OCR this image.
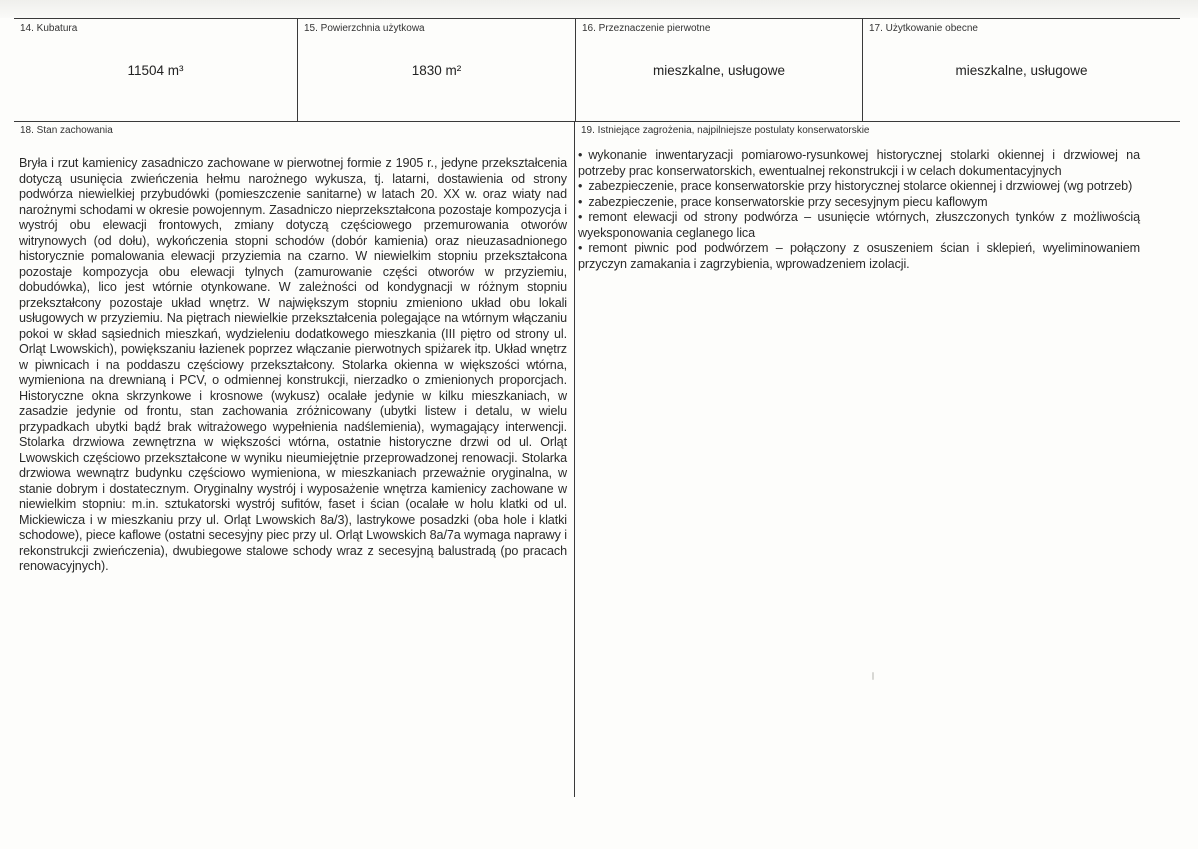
14. Kubatura
11504 m³
15. Powierzchnia użytkowa
1830 m²
16. Przeznaczenie pierwotne
mieszkalne, usługowe
17. Użytkowanie obecne
mieszkalne, usługowe
18. Stan zachowania
Bryła i rzut kamienicy zasadniczo zachowane w pierwotnej formie z 1905 r., jedyne przekształcenia dotyczą usunięcia zwieńczenia hełmu narożnego wykusza, tj. latarni, dostawienia od strony podwórza niewielkiej przybudówki (pomieszczenie sanitarne) w latach 20. XX w. oraz wiaty nad narożnymi schodami w okresie powojennym. Zasadniczo nieprzekształcona pozostaje kompozycja i wystrój obu elewacji frontowych, zmiany dotyczą częściowego przemurowania otworów witrynowych (od dołu), wykończenia stopni schodów (dobór kamienia) oraz nieuzasadnionego historycznie pomalowania elewacji przyziemia na czarno. W niewielkim stopniu przekształcona pozostaje kompozycja obu elewacji tylnych (zamurowanie części otworów w przyziemiu, dobudówka), lico jest wtórnie otynkowane. W zależności od kondygnacji w różnym stopniu przekształcony pozostaje układ wnętrz. W największym stopniu zmieniono układ obu lokali usługowych w przyziemiu. Na piętrach niewielkie przekształcenia polegające na wtórnym włączaniu pokoi w skład sąsiednich mieszkań, wydzieleniu dodatkowego mieszkania (III piętro od strony ul. Orląt Lwowskich), powiększaniu łazienek poprzez włączanie pierwotnych spiżarek itp. Układ wnętrz w piwnicach i na poddaszu częściowy przekształcony. Stolarka okienna w większości wtórna, wymieniona na drewnianą i PCV, o odmiennej konstrukcji, nierzadko o zmienionych proporcjach. Historyczne okna skrzynkowe i krosnowe (wykusz) ocalałe jedynie w kilku mieszkaniach, w zasadzie jedynie od frontu, stan zachowania zróżnicowany (ubytki listew i detalu, w wielu przypadkach ubytki bądź brak witrażowego wypełnienia nadślemienia), wymagający interwencji. Stolarka drzwiowa zewnętrzna w większości wtórna, ostatnie historyczne drzwi od ul. Orląt Lwowskich częściowo przekształcone w wyniku nieumiejętnie przeprowadzonej renowacji. Stolarka drzwiowa wewnątrz budynku częściowo wymieniona, w mieszkaniach przeważnie oryginalna, w stanie dobrym i dostatecznym. Oryginalny wystrój i wyposażenie wnętrza kamienicy zachowane w niewielkim stopniu: m.in. sztukatorski wystrój sufitów, faset i ścian (ocalałe w holu klatki od ul. Mickiewicza i w mieszkaniu przy ul. Orląt Lwowskich 8a/3), lastrykowe posadzki (oba hole i klatki schodowe), piece kaflowe (ostatni secesyjny piec przy ul. Orląt Lwowskich 8a/7a wymaga naprawy i rekonstrukcji zwieńczenia), dwubiegowe stalowe schody wraz z secesyjną balustradą (po pracach renowacyjnych).
19. Istniejące zagrożenia, najpilniejsze postulaty konserwatorskie
• wykonanie inwentaryzacji pomiarowo-rysunkowej historycznej stolarki okiennej i drzwiowej na potrzeby prac konserwatorskich, ewentualnej rekonstrukcji i w celach dokumentacyjnych
• zabezpieczenie, prace konserwatorskie przy historycznej stolarce okiennej i drzwiowej (wg potrzeb)
• zabezpieczenie, prace konserwatorskie przy secesyjnym piecu kaflowym
• remont elewacji od strony podwórza – usunięcie wtórnych, złuszczonych tynków z możliwością wyeksponowania ceglanego lica
• remont piwnic pod podwórzem – połączony z osuszeniem ścian i sklepień, wyeliminowaniem przyczyn zamakania i zagrzybienia, wprowadzeniem izolacji.
